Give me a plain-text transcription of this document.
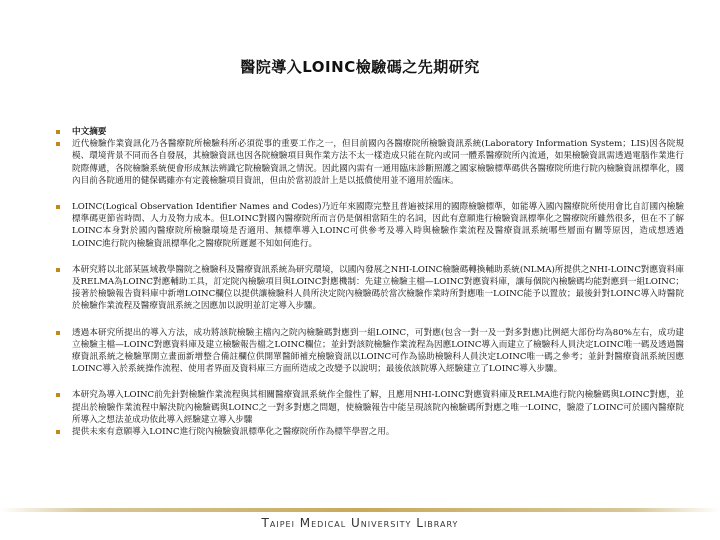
醫院導入LOINC檢驗碼之先期研究
中文摘要
近代檢驗作業資訊化乃各醫療院所檢驗科所必須從事的重要工作之一，但目前國內各醫療院所檢驗資訊系統(Laboratory Information System；LIS)因各院規模、環境背景不同而各自發展，其檢驗資訊也因各院檢驗項目與作業方法不太一樣造成只能在院內或同一體系醫療院所內流通，如果檢驗資訊需透過電腦作業進行院際傳遞，各院檢驗系統便會形成無法辨識它院檢驗資訊之情況。因此國內需有一通用臨床診斷照護之國家檢驗標準碼供各醫療院所進行院內檢驗資訊標準化，國內目前各院通用的健保碼雖亦有定義檢驗項目資訊，但由於當初設計上是以抵償使用並不適用於臨床。
LOINC(Logical Observation Identifier Names and Codes)乃近年來國際完整且普遍被採用的國際檢驗標準，如能導入國內醫療院所使用會比自訂國內檢驗標準碼更節省時間、人力及物力成本。但LOINC對國內醫療院所而言仍是個相當陌生的名詞，因此有意願進行檢驗資訊標準化之醫療院所雖然很多，但在不了解LOINC本身對於國內醫療院所檢驗環境是否適用、無標準導入LOINC可供參考及導入時與檢驗作業流程及醫療資訊系統哪些層面有關等原因，造成想透過LOINC進行院內檢驗資訊標準化之醫療院所遲遲不知如何進行。
本研究將以北部某區域教學醫院之檢驗科及醫療資訊系統為研究環境，以國內發展之NHI-LOINC檢驗碼轉換輔助系統(NLMA)所提供之NHI-LOINC對應資料庫及RELMA為LOINC對應輔助工具，訂定院內檢驗項目與LOINC對應機制：先建立檢驗主檔—LOINC對應資料庫，讓每個院內檢驗碼均能對應到一組LOINC；接著於檢驗報告資料庫中新增LOINC欄位以提供讓檢驗科人員所決定院內檢驗碼於當次檢驗作業時所對應唯一LOINC能予以置放；最後針對LOINC導入時醫院於檢驗作業流程及醫療資訊系統之因應加以說明並訂定導入步驟。
透過本研究所提出的導入方法，成功將該院檢驗主檔內之院內檢驗碼對應到一組LOINC，可對應(包含一對一及一對多對應)比例絕大部份均為80%左右，成功建立檢驗主檔—LOINC對應資料庫及建立檢驗報告檔之LOINC欄位；並針對該院檢驗作業流程為因應LOINC導入而建立了檢驗科人員決定LOINC唯一碼及透過醫療資訊系統之檢驗單開立畫面新增整合備註欄位供開單醫師補充檢驗資訊以LOINC可作為協助檢驗科人員決定LOINC唯一碼之參考；並針對醫療資訊系統因應LOINC導入於系統操作流程、使用者界面及資料庫三方面所造成之改變予以說明；最後依該院導入經驗建立了LOINC導入步驟。
本研究為導入LOINC前先針對檢驗作業流程與其相關醫療資訊系統作全盤性了解，且應用NHI-LOINC對應資料庫及RELMA進行院內檢驗碼與LOINC對應，並提出於檢驗作業流程中解決院內檢驗碼與LOINC之一對多對應之問題，使檢驗報告中能呈現該院內檢驗碼所對應之唯一LOINC，驗證了LOINC可於國內醫療院所導入之想法並成功依此導入經驗建立導入步驟
提供未來有意願導入LOINC進行院內檢驗資訊標準化之醫療院所作為標竿學習之用。
Taipei Medical University Library
